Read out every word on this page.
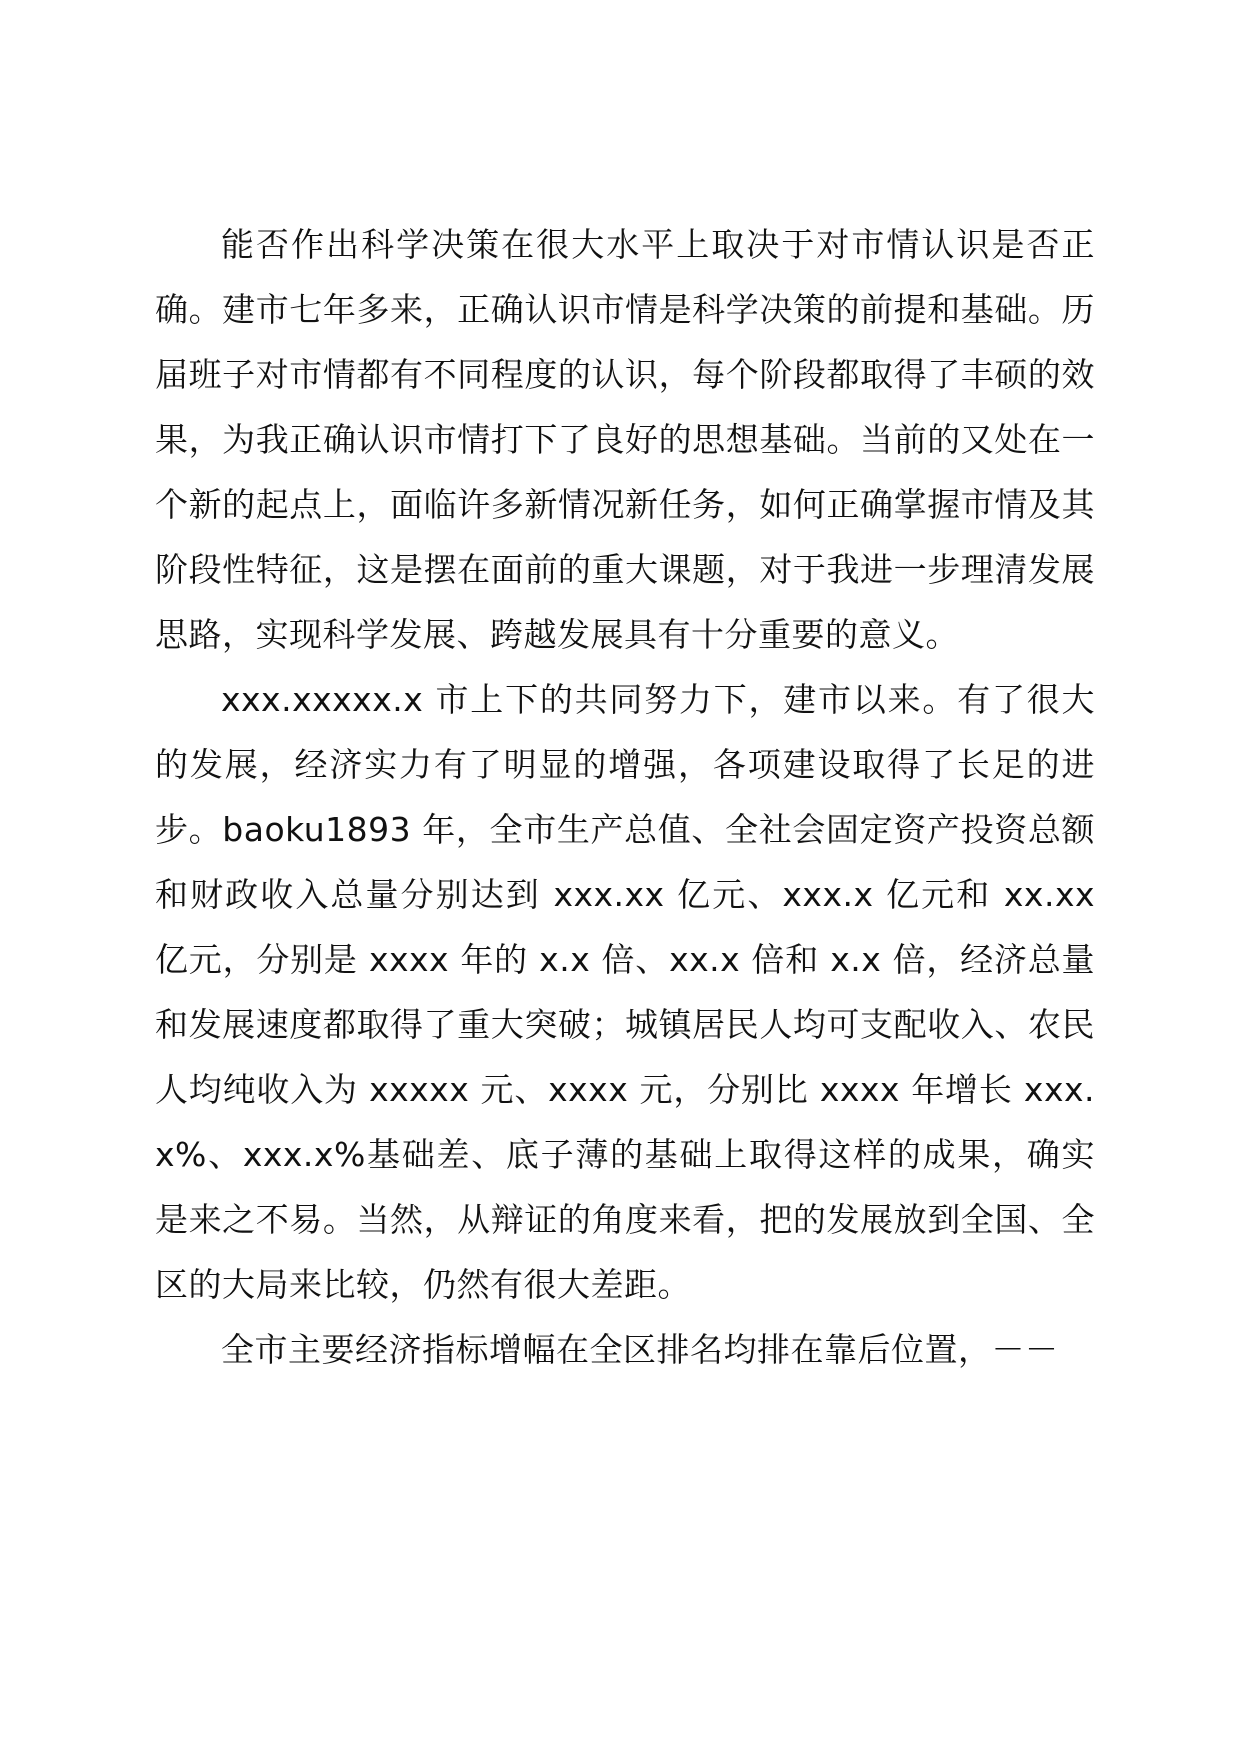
能否作出科学决策在很大水平上取决于对市情认识是否正确。建市七年多来，正确认识市情是科学决策的前提和基础。历届班子对市情都有不同程度的认识，每个阶段都取得了丰硕的效果，为我正确认识市情打下了良好的思想基础。当前的又处在一个新的起点上，面临许多新情况新任务，如何正确掌握市情及其阶段性特征，这是摆在面前的重大课题，对于我进一步理清发展思路，实现科学发展、跨越发展具有十分重要的意义。

xxx.xxxxx.x 市上下的共同努力下，建市以来。有了很大的发展，经济实力有了明显的增强，各项建设取得了长足的进步。baoku1893 年，全市生产总值、全社会固定资产投资总额和财政收入总量分别达到 xxx.xx 亿元、xxx.x 亿元和 xx.xx 亿元，分别是 xxxx 年的 x.x 倍、xx.x 倍和 x.x 倍，经济总量和发展速度都取得了重大突破；城镇居民人均可支配收入、农民人均纯收入为 xxxxx 元、xxxx 元，分别比 xxxx 年增长 xxx.x%、xxx.x%基础差、底子薄的基础上取得这样的成果，确实是来之不易。当然，从辩证的角度来看，把的发展放到全国、全区的大局来比较，仍然有很大差距。

全市主要经济指标增幅在全区排名均排在靠后位置，－－
